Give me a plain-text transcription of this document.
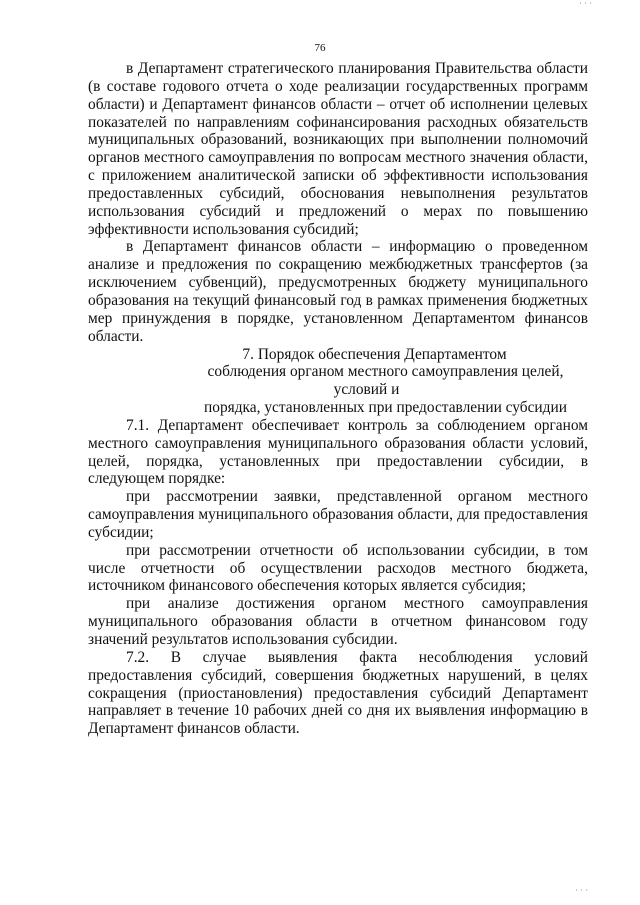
· · ·

76

в Департамент стратегического планирования Правительства области (в составе годового отчета о ходе реализации государственных программ области) и Департамент финансов области – отчет об исполнении целевых показателей по направлениям софинансирования расходных обязательств муниципальных образований, возникающих при выполнении полномочий органов местного самоуправления по вопросам местного значения области, с приложением аналитической записки об эффективности использования предоставленных субсидий, обоснования невыполнения результатов использования субсидий и предложений о мерах по повышению эффективности использования субсидий;

в Департамент финансов области – информацию о проведенном анализе и предложения по сокращению межбюджетных трансфертов (за исключением субвенций), предусмотренных бюджету муниципального образования на текущий финансовый год в рамках применения бюджетных мер принуждения в порядке, установленном Департаментом финансов области.

7. Порядок обеспечения Департаментом
соблюдения органом местного самоуправления целей, условий и
порядка, установленных при предоставлении субсидии

7.1. Департамент обеспечивает контроль за соблюдением органом местного самоуправления муниципального образования области условий, целей, порядка, установленных при предоставлении субсидии, в следующем порядке:

при рассмотрении заявки, представленной органом местного самоуправления муниципального образования области, для предоставления субсидии;

при рассмотрении отчетности об использовании субсидии, в том числе отчетности об осуществлении расходов местного бюджета, источником финансового обеспечения которых является субсидия;

при анализе достижения органом местного самоуправления муниципального образования области в отчетном финансовом году значений результатов использования субсидии.

7.2. В случае выявления факта несоблюдения условий предоставления субсидий, совершения бюджетных нарушений, в целях сокращения (приостановления) предоставления субсидий Департамент направляет в течение 10 рабочих дней со дня их выявления информацию в Департамент финансов области.

· · ·
